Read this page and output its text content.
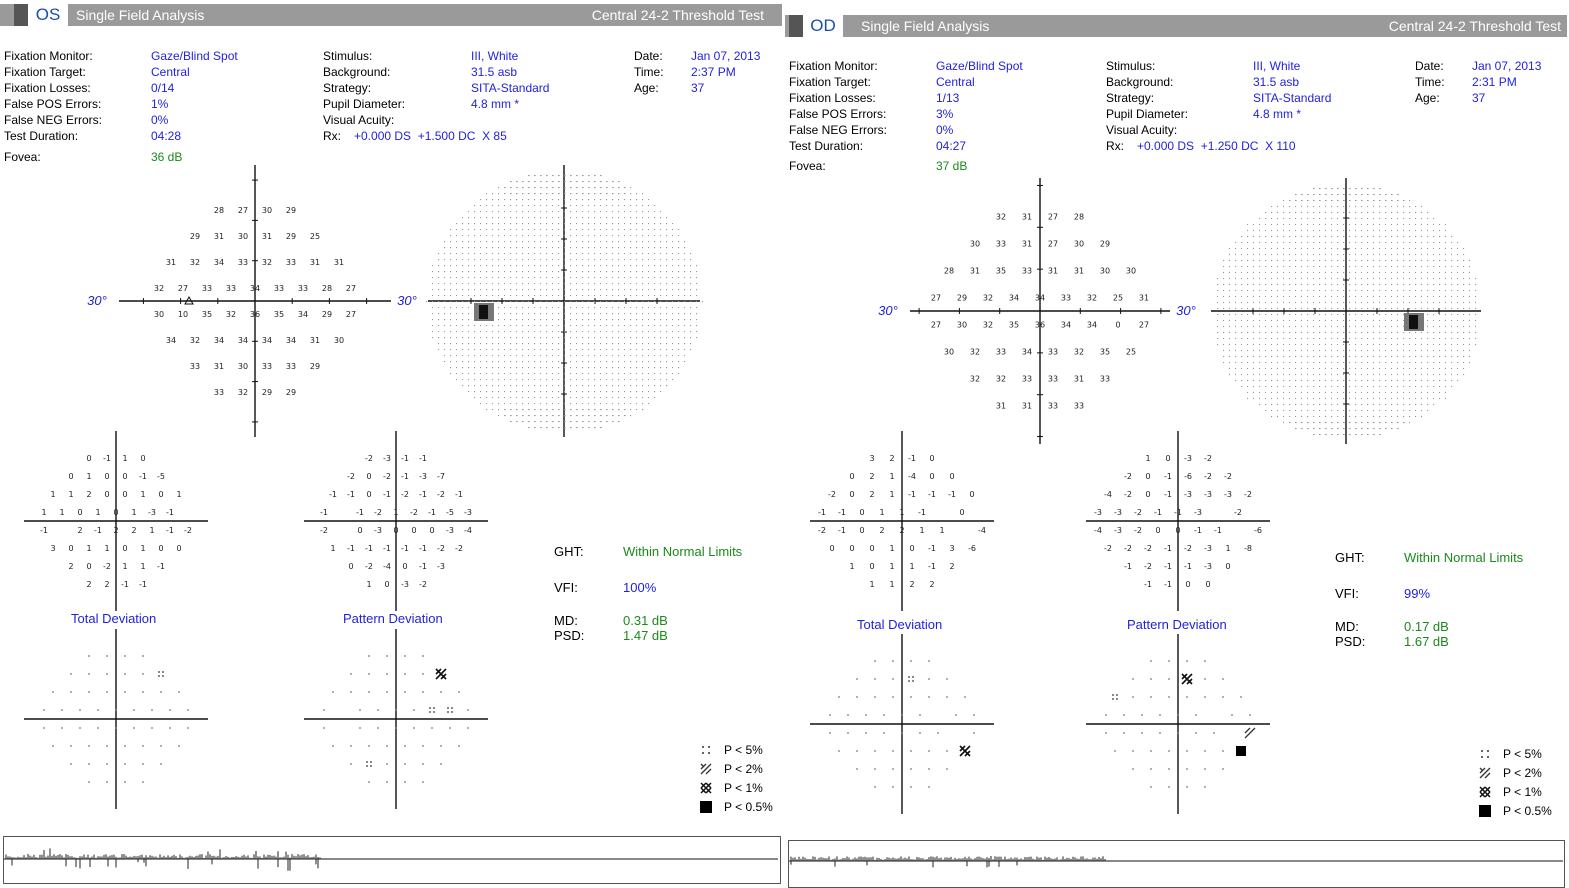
OS	Single Field Analysis	Central 24-2 Threshold Test
Fixation Monitor:	Gaze/Blind Spot
Fixation Target:	Central
Fixation Losses:	0/14
False POS Errors:	1%
False NEG Errors:	0%
Test Duration:	04:28
Fovea:	36 dB
Stimulus:	III, White
Background:	31.5 asb
Strategy:	SITA-Standard
Pupil Diameter:	4.8 mm *
Visual Acuity:
Rx: +0.000 DS  +1.500 DC  X 85
Date: Jan 07, 2013
Time: 2:37 PM
Age:	37
28 27 30 29
29 31 30 31 29 25
31 32 34 33 32 33 31 31
32 27 33 33 34 33 33 28 27
30 10 35 32 36 35 34 29 27
34 32 34 34 34 34 31 30
33 31 30 33 33 29
33 32 29 29
30°	30°
0 -1 1 0
0 1 0 0 -1 -5
1 1 2 0 0 1 0 1
1 1 0 1 0 1 -3 -1
-1	2 -1 2 2 1 -1 -2
3 0 1 1 0 1 0 0
2 0 -2 1 1 -1
2 2 -1 -1
-2 -3 -1 -1
-2 0 -2 -1 -3 -7
-1 -1 0 -1 -2 -1 -2 -1
-1	-1 -2 1 -2 -1 -5 -3
-2	0 -3 0 0 0 -3 -4
1 -1 -1 -1 -1 -1 -2 -2
0 -2 -4 0 -1 -3
1 0 -3 -2
Total Deviation	Pattern Deviation
GHT:	Within Normal Limits
VFI:	100%
MD:	0.31 dB
PSD:	1.47 dB
P < 5%
P < 2%
P < 1%
P < 0.5%
OD	Single Field Analysis	Central 24-2 Threshold Test
Fixation Monitor:	Gaze/Blind Spot
Fixation Target:	Central
Fixation Losses:	1/13
False POS Errors:	3%
False NEG Errors:	0%
Test Duration:	04:27
Fovea:	37 dB
Stimulus:	III, White
Background:	31.5 asb
Strategy:	SITA-Standard
Pupil Diameter:	4.8 mm *
Visual Acuity:
Rx: +0.000 DS  +1.250 DC  X 110
Date: Jan 07, 2013
Time: 2:31 PM
Age:	37
32 31 27 28
30 33 31 27 30 29
28 31 35 33 31 31 30 30
27 29 32 34 34 33 32 25 31
27 30 32 35 36 34 34 0 27
30 32 33 34 33 32 35 25
32 32 33 33 31 33
31 31 33 33
30°	30°
3 2 -1 0
0 2 1 -4 0 0
-2 0 2 1 -1 -1 -1 0
-1 -1 0 1 1 -1	0
-2 -1 0 2 2 1 1	-4
0 0 0 1 0 -1 3 -6
1 0 1 1 -1 2
1 1 2 2
1 0 -3 -2
-2 0 -1 -6 -2 -2
-4 -2 0 -1 -3 -3 -3 -2
-3 -3 -2 -1 -1 -3	-2
-4 -3 -2 0 0 -1 -1	-6
-2 -2 -2 -1 -2 -3 1 -8
-1 -2 -1 -1 -3 0
-1 -1 0 0
Total Deviation	Pattern Deviation
GHT:	Within Normal Limits
VFI:	99%
MD:	0.17 dB
PSD:	1.67 dB
P < 5%
P < 2%
P < 1%
P < 0.5%
